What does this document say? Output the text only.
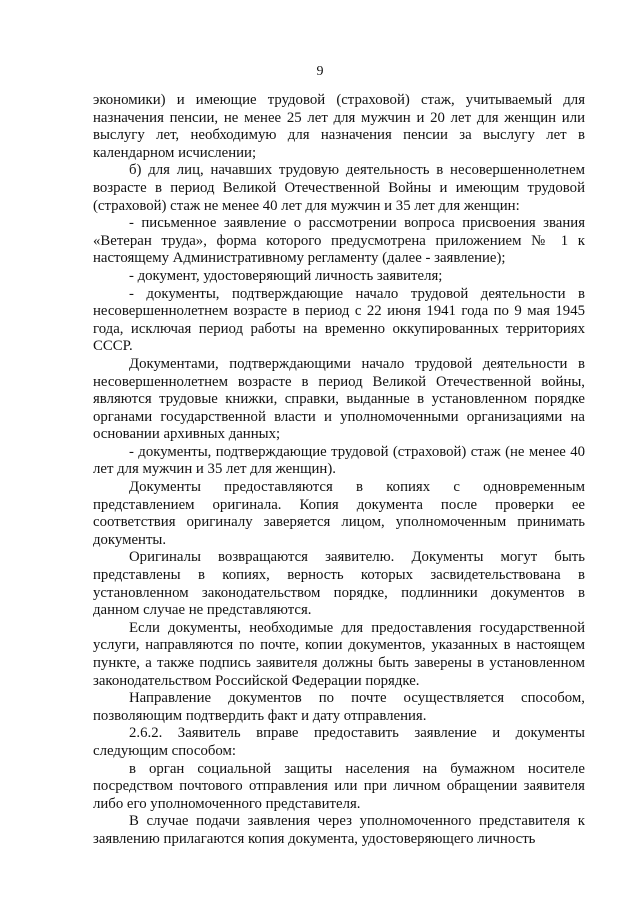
9

экономики) и имеющие трудовой (страховой) стаж, учитываемый для назначения пенсии, не менее 25 лет для мужчин и 20 лет для женщин или выслугу лет, необходимую для назначения пенсии за выслугу лет в календарном исчислении;

б) для лиц, начавших трудовую деятельность в несовершеннолетнем возрасте в период Великой Отечественной Войны и имеющим трудовой (страховой) стаж не менее 40 лет для мужчин и 35 лет для женщин:

- письменное заявление о рассмотрении вопроса присвоения звания «Ветеран труда», форма которого предусмотрена приложением № 1 к настоящему Административному регламенту (далее - заявление);

- документ, удостоверяющий личность заявителя;

- документы, подтверждающие начало трудовой деятельности в несовершеннолетнем возрасте в период с 22 июня 1941 года по 9 мая 1945 года, исключая период работы на временно оккупированных территориях СССР.

Документами, подтверждающими начало трудовой деятельности в несовершеннолетнем возрасте в период Великой Отечественной войны, являются трудовые книжки, справки, выданные в установленном порядке органами государственной власти и уполномоченными организациями на основании архивных данных;

- документы, подтверждающие трудовой (страховой) стаж (не менее 40 лет для мужчин и 35 лет для женщин).

Документы предоставляются в копиях с одновременным представлением оригинала. Копия документа после проверки ее соответствия оригиналу заверяется лицом, уполномоченным принимать документы.

Оригиналы возвращаются заявителю. Документы могут быть представлены в копиях, верность которых засвидетельствована в установленном законодательством порядке, подлинники документов в данном случае не представляются.

Если документы, необходимые для предоставления государственной услуги, направляются по почте, копии документов, указанных в настоящем пункте, а также подпись заявителя должны быть заверены в установленном законодательством Российской Федерации порядке.

Направление документов по почте осуществляется способом, позволяющим подтвердить факт и дату отправления.

2.6.2. Заявитель вправе предоставить заявление и документы следующим способом:

в орган социальной защиты населения на бумажном носителе посредством почтового отправления или при личном обращении заявителя либо его уполномоченного представителя.

В случае подачи заявления через уполномоченного представителя к заявлению прилагаются копия документа, удостоверяющего личность
